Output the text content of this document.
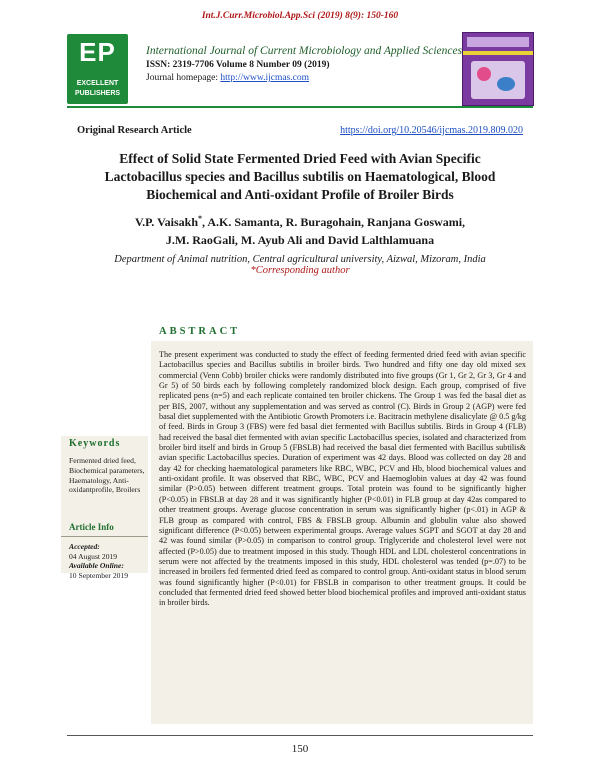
Int.J.Curr.Microbiol.App.Sci (2019) 8(9): 150-160
EP
EXCELLENT
PUBLISHERS
International Journal of Current Microbiology and Applied Sciences
ISSN: 2319-7706 Volume 8 Number 09 (2019)
Journal homepage: http://www.ijcmas.com
Original Research Article	https://doi.org/10.20546/ijcmas.2019.809.020
Effect of Solid State Fermented Dried Feed with Avian Specific
Lactobacillus species and Bacillus subtilis on Haematological, Blood
Biochemical and Anti-oxidant Profile of Broiler Birds
V.P. Vaisakh*, A.K. Samanta, R. Buragohain, Ranjana Goswami,
J.M. RaoGali, M. Ayub Ali and David Lalthlamuana
Department of Animal nutrition, Central agricultural university, Aizwal, Mizoram, India
*Corresponding author
ABSTRACT
The present experiment was conducted to study the effect of feeding fermented dried feed with avian specific Lactobacillus species and Bacillus subtilis in broiler birds. Two hundred and fifty one day old mixed sex commercial (Venn Cobb) broiler chicks were randomly distributed into five groups (Gr 1, Gr 2, Gr 3, Gr 4 and Gr 5) of 50 birds each by following completely randomized block design. Each group, comprised of five replicated pens (n=5) and each replicate contained ten broiler chickens. The Group 1 was fed the basal diet as per BIS, 2007, without any supplementation and was served as control (C). Birds in Group 2 (AGP) were fed basal diet supplemented with the Antibiotic Growth Promoters i.e. Bacitracin methylene disalicylate @ 0.5 g/kg of feed. Birds in Group 3 (FBS) were fed basal diet fermented with Bacillus subtilis. Birds in Group 4 (FLB) had received the basal diet fermented with avian specific Lactobacillus species, isolated and characterized from broiler bird itself and birds in Group 5 (FBSLB) had received the basal diet fermented with Bacillus subtilis& avian specific Lactobacillus species. Duration of experiment was 42 days. Blood was collected on day 28 and day 42 for checking haematological parameters like RBC, WBC, PCV and Hb, blood biochemical values and anti-oxidant profile. It was observed that RBC, WBC, PCV and Haemoglobin values at day 42 was found similar (P>0.05) between different treatment groups. Total protein was found to be significantly higher (P<0.05) in FBSLB at day 28 and it was significantly higher (P<0.01) in FLB group at day 42as compared to other treatment groups. Average glucose concentration in serum was significantly higher (p<.01) in AGP & FLB group as compared with control, FBS & FBSLB group. Albumin and globulin value also showed significant difference (P<0.05) between experimental groups. Average values SGPT and SGOT at day 28 and 42 was found similar (P>0.05) in comparison to control group. Triglyceride and cholesterol level were not affected (P>0.05) due to treatment imposed in this study. Though HDL and LDL cholesterol concentrations in serum were not affected by the treatments imposed in this study, HDL cholesterol was tended (p=.07) to be increased in broilers fed fermented dried feed as compared to control group. Anti-oxidant status in blood serum was found significantly higher (P<0.01) for FBSLB in comparison to other treatment groups. It could be concluded that fermented dried feed showed better blood biochemical profiles and improved anti-oxidant status in broiler birds.
Keywords
Fermented dried feed, Biochemical parameters, Haematology, Anti-oxidantprofile, Broilers
Article Info
Accepted:
04 August 2019
Available Online:
10 September 2019
150
